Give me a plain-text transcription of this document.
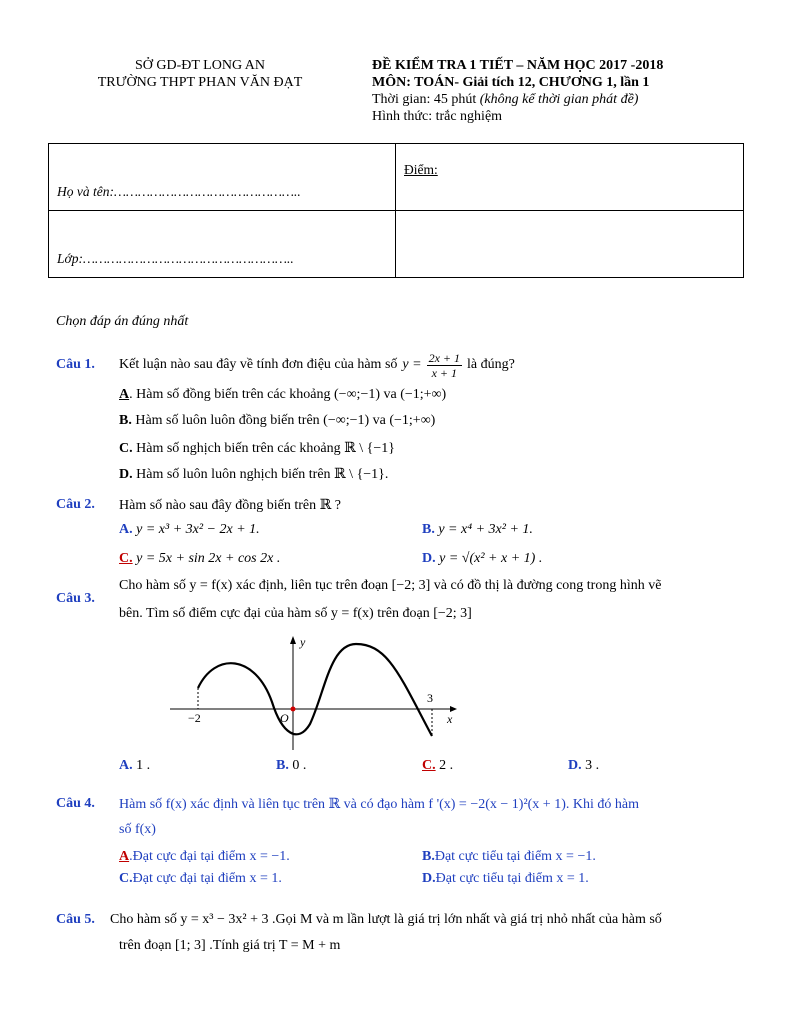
SỞ GD-ĐT LONG AN
TRƯỜNG THPT PHAN VĂN ĐẠT
ĐỀ KIỂM TRA 1 TIẾT – NĂM HỌC 2017 -2018
MÔN: TOÁN- Giải tích 12, CHƯƠNG 1, lần 1
Thời gian: 45 phút (không kể thời gian phát đề)
Hình thức: trắc nghiệm
Họ và tên:………………………………………..	Điểm:
Lớp:……………………………………………..	
Chọn đáp án đúng nhất
Câu 1. Kết luận nào sau đây về tính đơn điệu của hàm số $y = \frac{2x + 1}{x + 1}$ là đúng?
A. Hàm số đồng biến trên các khoảng (−∞;−1) va (−1;+∞)
B. Hàm số luôn luôn đồng biến trên (−∞;−1) va (−1;+∞)
C. Hàm số nghịch biến trên các khoảng ℝ \ {−1}
D. Hàm số luôn luôn nghịch biến trên ℝ \ {−1}.
Câu 2. Hàm số nào sau đây đồng biến trên ℝ ?
A. y = x³ + 3x² − 2x + 1.	B. y = x⁴ + 3x² + 1.
C. y = 5x + sin 2x + cos 2x .	D. y = √(x² + x + 1) .
Câu 3.
Cho hàm số y = f(x) xác định, liên tục trên đoạn [−2; 3] và có đồ thị là đường cong trong hình vẽ
bên. Tìm số điểm cực đại của hàm số y = f(x) trên đoạn [−2; 3]
y
x
O
−2
3
A. 1 .	B. 0 .	C. 2 .	D. 3 .
Câu 4. Hàm số f(x) xác định và liên tục trên ℝ và có đạo hàm f '(x) = −2(x − 1)²(x + 1). Khi đó hàm
số f(x)
A.Đạt cực đại tại điểm x = −1.	B.Đạt cực tiểu tại điểm x = −1.
C.Đạt cực đại tại điểm x = 1.	D.Đạt cực tiểu tại điểm x = 1.
Câu 5. Cho hàm số y = x³ − 3x² + 3 .Gọi M và m lần lượt là giá trị lớn nhất và giá trị nhỏ nhất của hàm số
trên đoạn [1; 3] .Tính giá trị T = M + m
